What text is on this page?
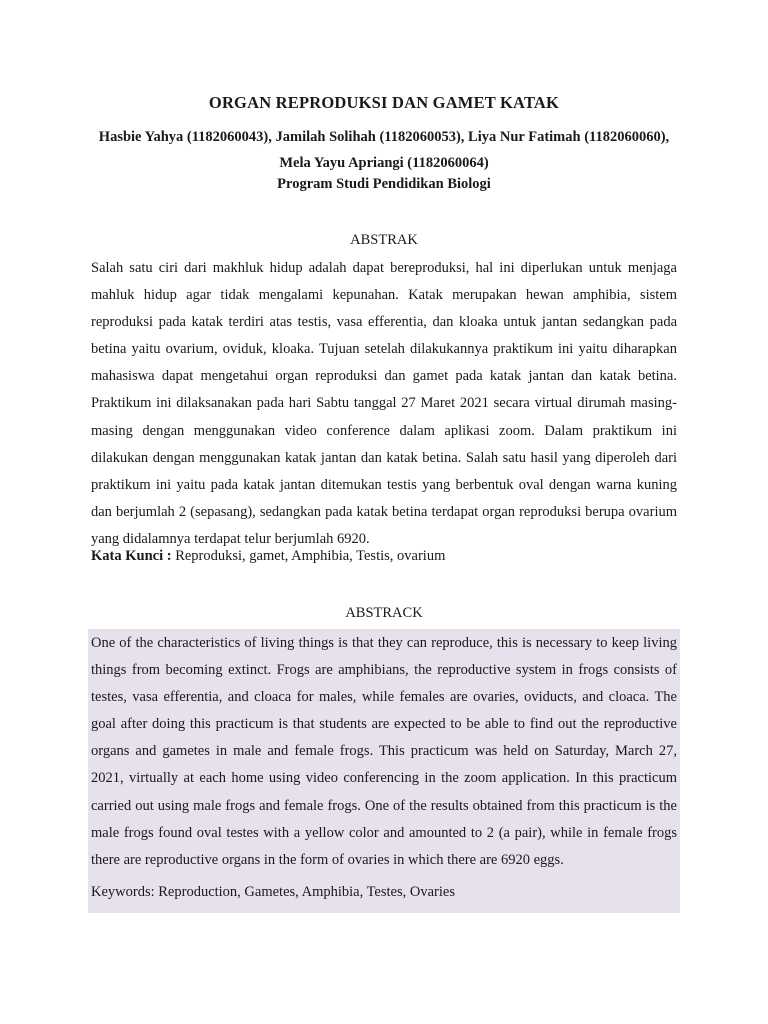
ORGAN REPRODUKSI DAN GAMET KATAK
Hasbie Yahya (1182060043), Jamilah Solihah (1182060053), Liya Nur Fatimah (1182060060), Mela Yayu Apriangi (1182060064)
Program Studi Pendidikan Biologi
ABSTRAK
Salah satu ciri dari makhluk hidup adalah dapat bereproduksi, hal ini diperlukan untuk menjaga mahluk hidup agar tidak mengalami kepunahan. Katak merupakan hewan amphibia, sistem reproduksi pada katak terdiri atas testis, vasa efferentia, dan kloaka untuk jantan sedangkan pada betina yaitu ovarium, oviduk, kloaka. Tujuan setelah dilakukannya praktikum ini yaitu diharapkan mahasiswa dapat mengetahui organ reproduksi dan gamet pada katak jantan dan katak betina. Praktikum ini dilaksanakan pada hari Sabtu tanggal 27 Maret 2021 secara virtual dirumah masing-masing dengan menggunakan video conference dalam aplikasi zoom. Dalam praktikum ini dilakukan dengan menggunakan katak jantan dan katak betina. Salah satu hasil yang diperoleh dari praktikum ini yaitu pada katak jantan ditemukan testis yang berbentuk oval dengan warna kuning dan berjumlah 2 (sepasang), sedangkan pada katak betina terdapat organ reproduksi berupa ovarium yang didalamnya terdapat telur berjumlah 6920.
Kata Kunci : Reproduksi, gamet, Amphibia, Testis, ovarium
ABSTRACK
One of the characteristics of living things is that they can reproduce, this is necessary to keep living things from becoming extinct. Frogs are amphibians, the reproductive system in frogs consists of testes, vasa efferentia, and cloaca for males, while females are ovaries, oviducts, and cloaca. The goal after doing this practicum is that students are expected to be able to find out the reproductive organs and gametes in male and female frogs. This practicum was held on Saturday, March 27, 2021, virtually at each home using video conferencing in the zoom application. In this practicum carried out using male frogs and female frogs. One of the results obtained from this practicum is the male frogs found oval testes with a yellow color and amounted to 2 (a pair), while in female frogs there are reproductive organs in the form of ovaries in which there are 6920 eggs.
Keywords: Reproduction, Gametes, Amphibia, Testes, Ovaries
